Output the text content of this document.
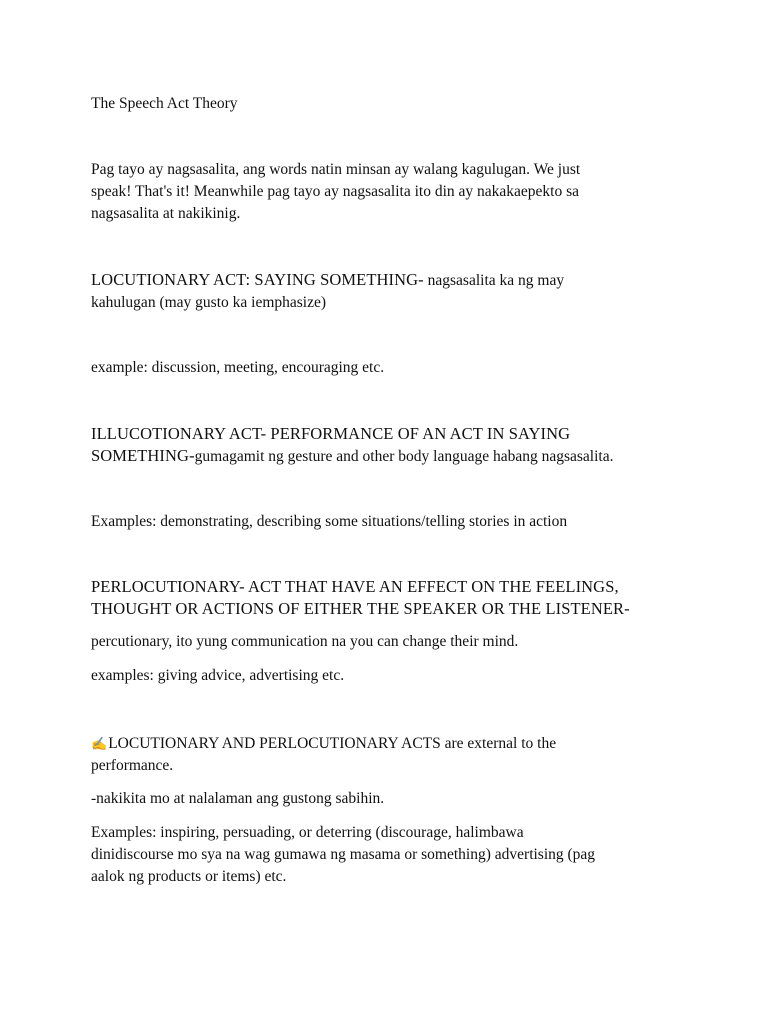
The Speech Act Theory

Pag tayo ay nagsasalita, ang words natin minsan ay walang kagulugan. We just
speak! That's it! Meanwhile pag tayo ay nagsasalita ito din ay nakakaepekto sa
nagsasalita at nakikinig.

LOCUTIONARY ACT: SAYING SOMETHING- nagsasalita ka ng may
kahulugan (may gusto ka iemphasize)

example: discussion, meeting, encouraging etc.

ILLUCOTIONARY ACT- PERFORMANCE OF AN ACT IN SAYING
SOMETHING-gumagamit ng gesture and other body language habang nagsasalita.

Examples: demonstrating, describing some situations/telling stories in action

PERLOCUTIONARY- ACT THAT HAVE AN EFFECT ON THE FEELINGS,
THOUGHT OR ACTIONS OF EITHER THE SPEAKER OR THE LISTENER-

percutionary, ito yung communication na you can change their mind.

examples: giving advice, advertising etc.

✍LOCUTIONARY AND PERLOCUTIONARY ACTS are external to the
performance.

-nakikita mo at nalalaman ang gustong sabihin.

Examples: inspiring, persuading, or deterring (discourage, halimbawa
dinidiscourse mo sya na wag gumawa ng masama or something) advertising (pag
aalok ng products or items) etc.
